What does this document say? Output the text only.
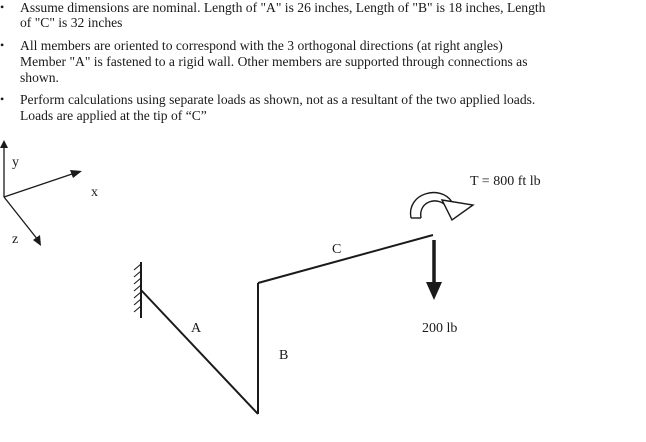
• Assume dimensions are nominal. Length of "A" is 26 inches, Length of "B" is 18 inches, Length
of "C" is 32 inches
• All members are oriented to correspond with the 3 orthogonal directions (at right angles)
Member "A" is fastened to a rigid wall. Other members are supported through connections as
shown.
• Perform calculations using separate loads as shown, not as a resultant of the two applied loads.
Loads are applied at the tip of “C”
y
x
z
A
B
C
T = 800 ft lb
200 lb
